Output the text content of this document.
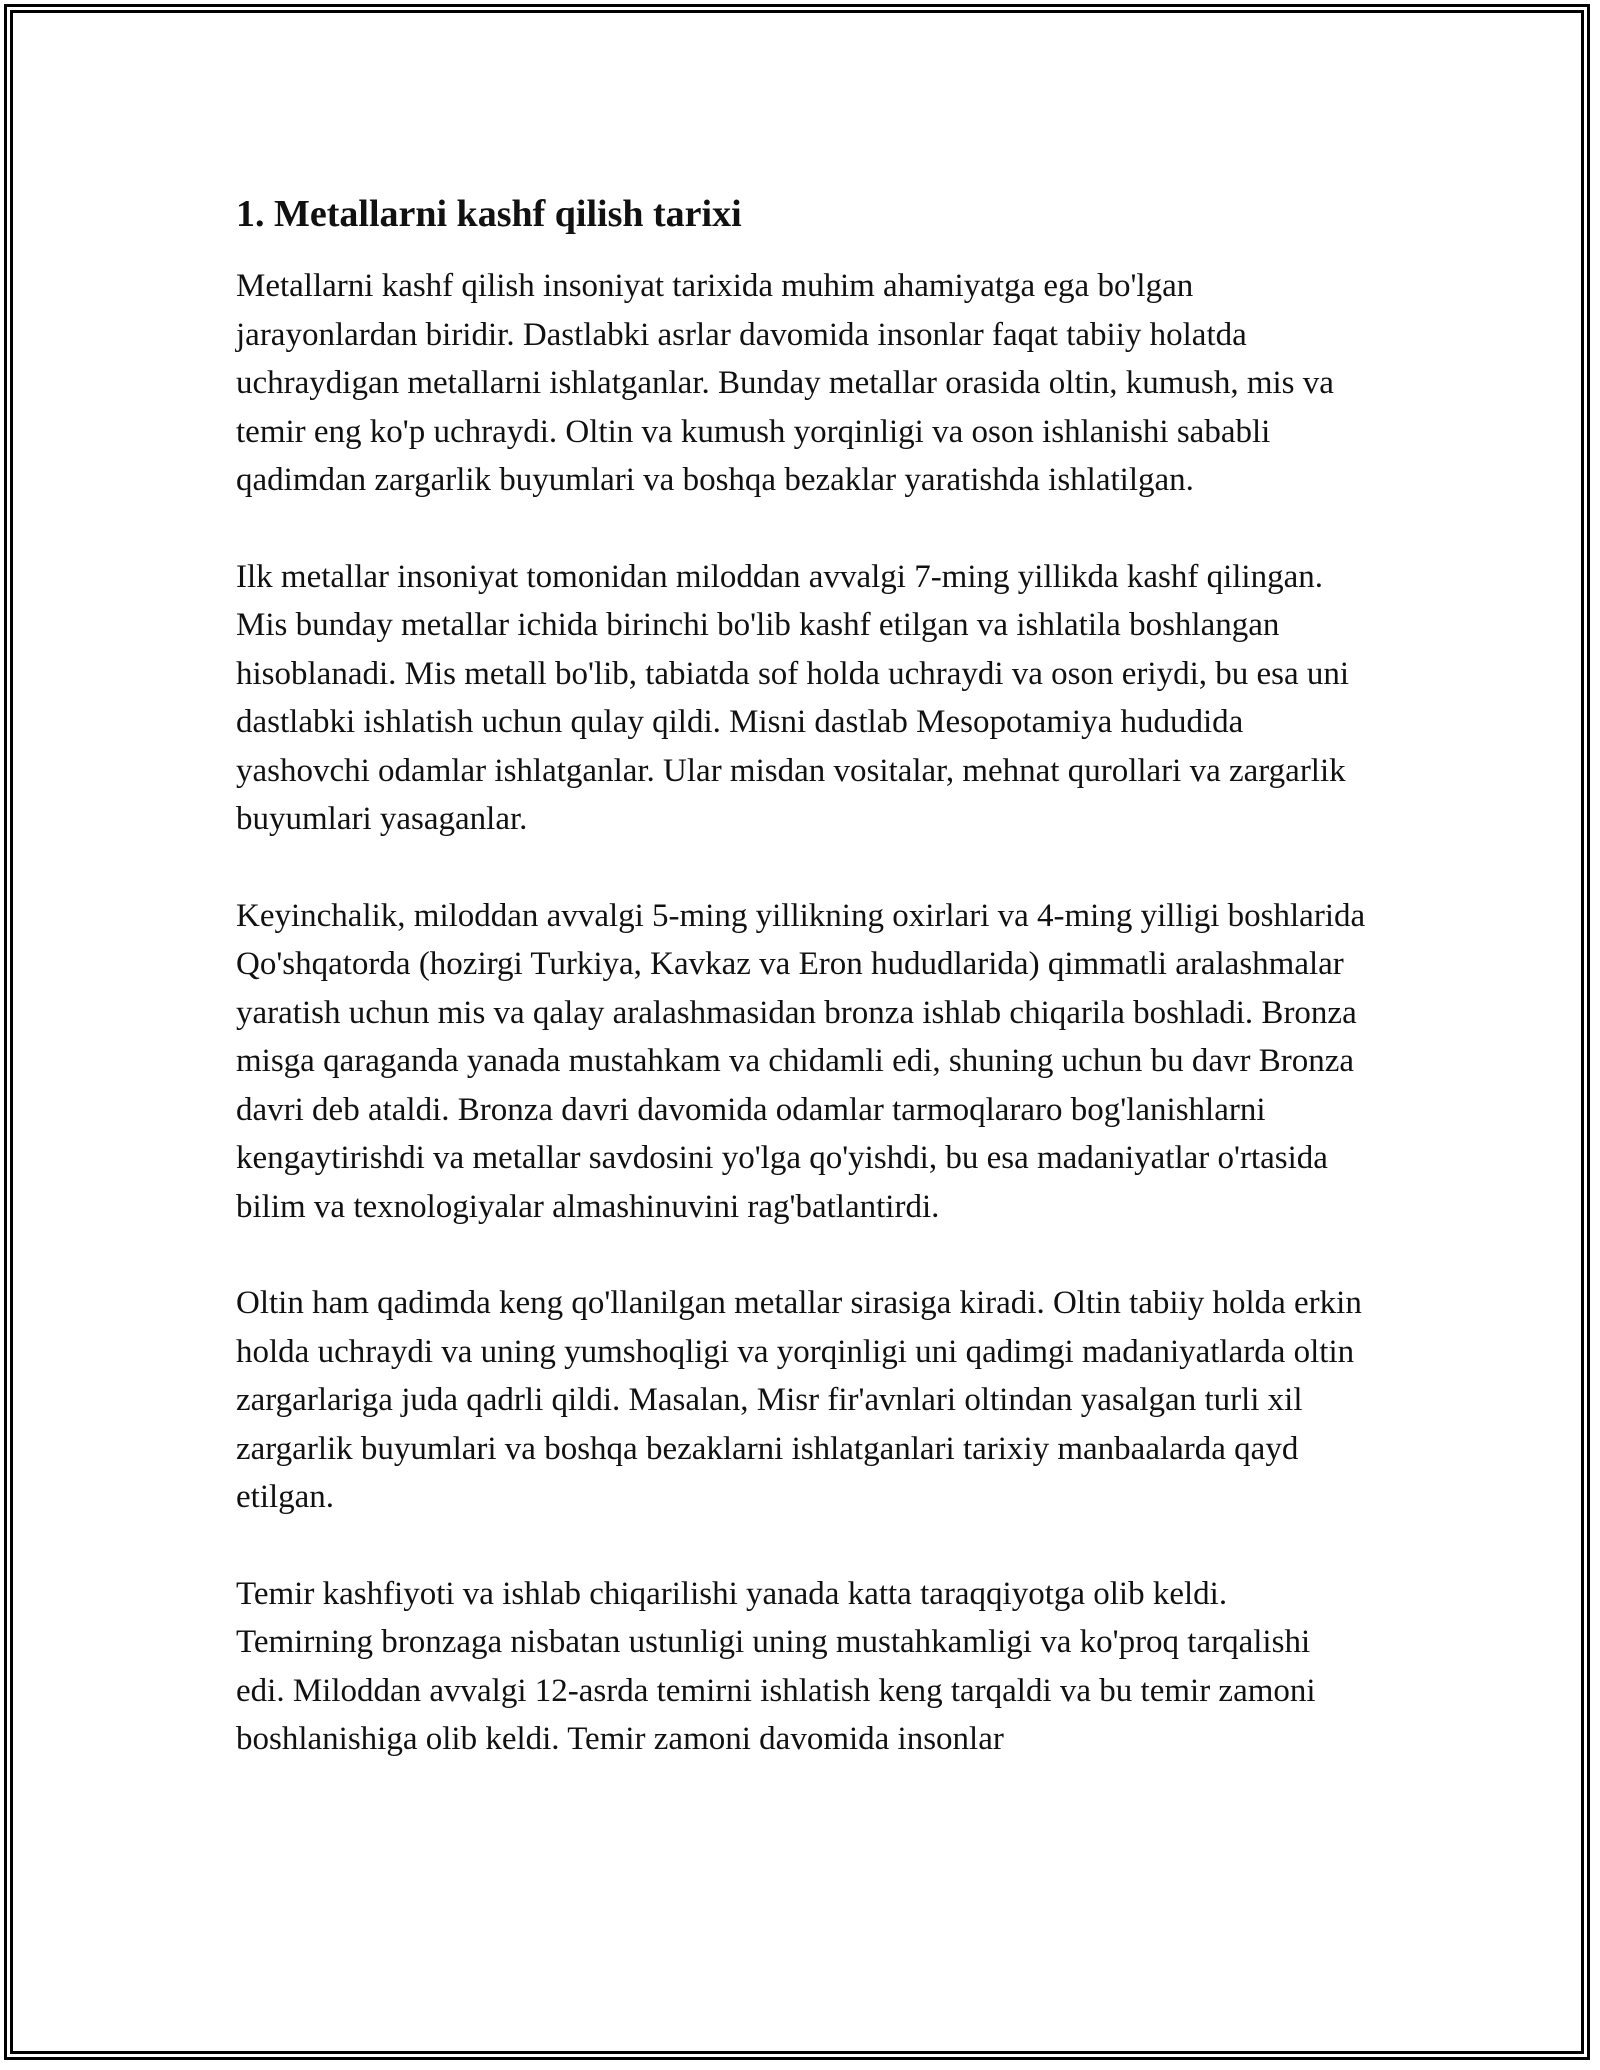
1. Metallarni kashf qilish tarixi

Metallarni kashf qilish insoniyat tarixida muhim ahamiyatga ega bo'lgan jarayonlardan biridir. Dastlabki asrlar davomida insonlar faqat tabiiy holatda uchraydigan metallarni ishlatganlar. Bunday metallar orasida oltin, kumush, mis va temir eng ko'p uchraydi. Oltin va kumush yorqinligi va oson ishlanishi sababli qadimdan zargarlik buyumlari va boshqa bezaklar yaratishda ishlatilgan.

Ilk metallar insoniyat tomonidan miloddan avvalgi 7-ming yillikda kashf qilingan. Mis bunday metallar ichida birinchi bo'lib kashf etilgan va ishlatila boshlangan hisoblanadi. Mis metall bo'lib, tabiatda sof holda uchraydi va oson eriydi, bu esa uni dastlabki ishlatish uchun qulay qildi. Misni dastlab Mesopotamiya hududida yashovchi odamlar ishlatganlar. Ular misdan vositalar, mehnat qurollari va zargarlik buyumlari yasaganlar.

Keyinchalik, miloddan avvalgi 5-ming yillikning oxirlari va 4-ming yilligi boshlarida Qo'shqatorda (hozirgi Turkiya, Kavkaz va Eron hududlarida) qimmatli aralashmalar yaratish uchun mis va qalay aralashmasidan bronza ishlab chiqarila boshladi. Bronza misga qaraganda yanada mustahkam va chidamli edi, shuning uchun bu davr Bronza davri deb ataldi. Bronza davri davomida odamlar tarmoqlararo bog'lanishlarni kengaytirishdi va metallar savdosini yo'lga qo'yishdi, bu esa madaniyatlar o'rtasida bilim va texnologiyalar almashinuvini rag'batlantirdi.

Oltin ham qadimda keng qo'llanilgan metallar sirasiga kiradi. Oltin tabiiy holda erkin holda uchraydi va uning yumshoqligi va yorqinligi uni qadimgi madaniyatlarda oltin zargarlariga juda qadrli qildi. Masalan, Misr fir'avnlari oltindan yasalgan turli xil zargarlik buyumlari va boshqa bezaklarni ishlatganlari tarixiy manbaalarda qayd etilgan.

Temir kashfiyoti va ishlab chiqarilishi yanada katta taraqqiyotga olib keldi. Temirning bronzaga nisbatan ustunligi uning mustahkamligi va ko'proq tarqalishi edi. Miloddan avvalgi 12-asrda temirni ishlatish keng tarqaldi va bu temir zamoni boshlanishiga olib keldi. Temir zamoni davomida insonlar
